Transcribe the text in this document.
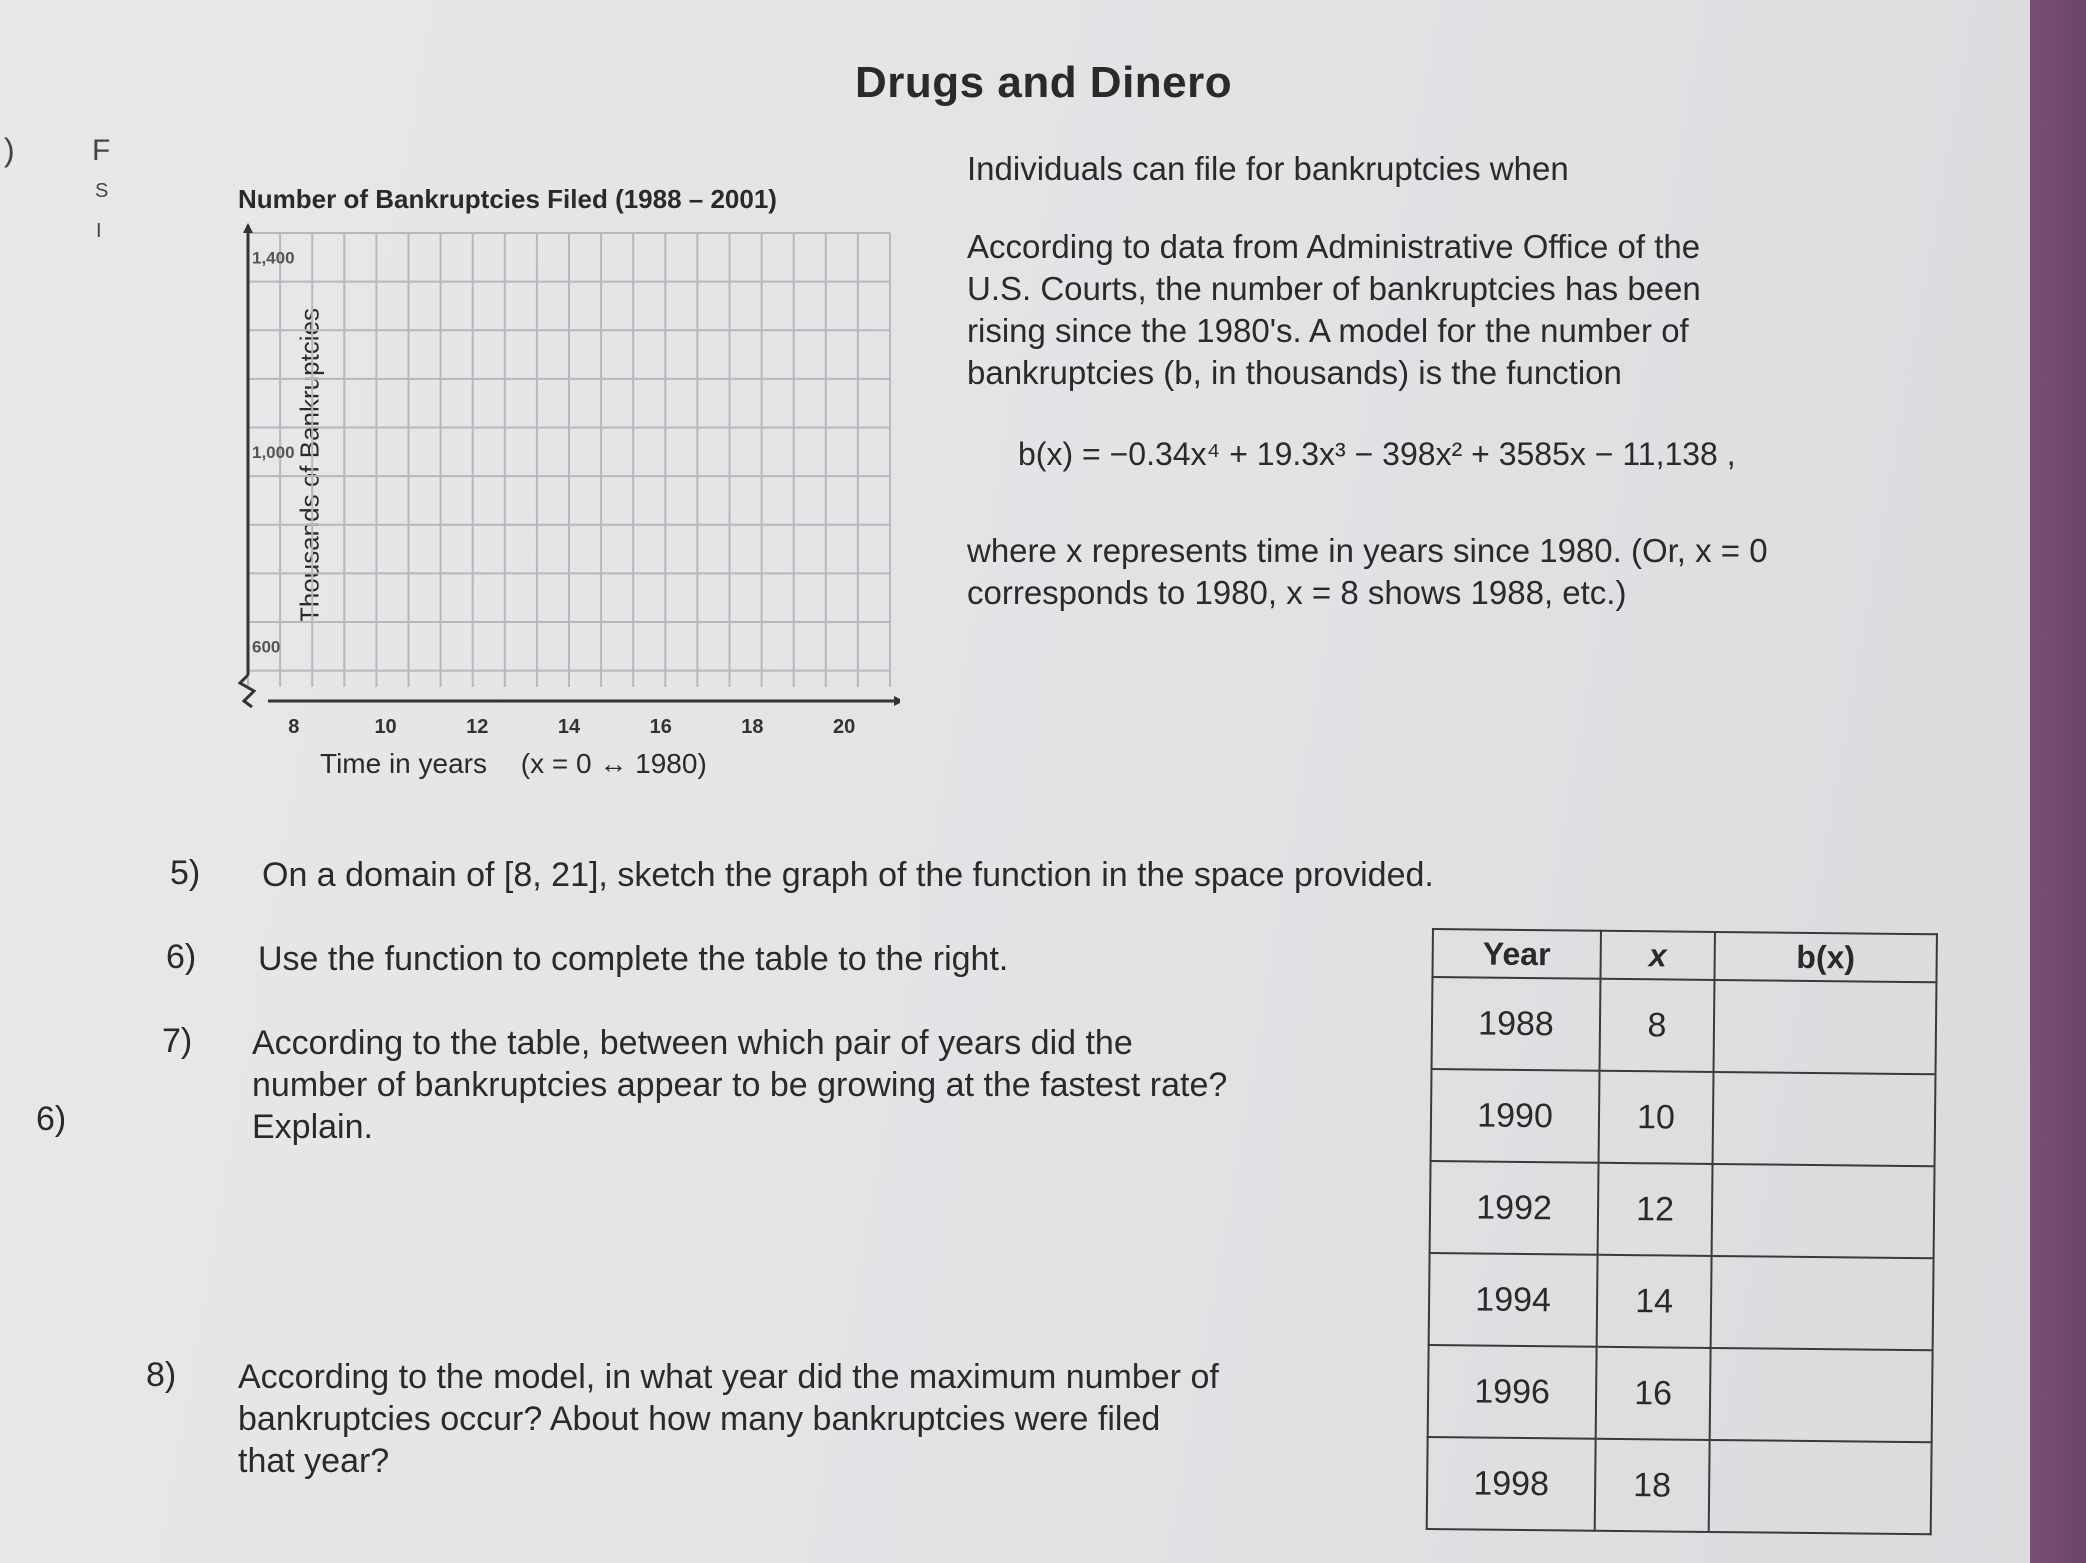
)	F
S
I
Drugs and Dinero
Number of Bankruptcies Filed (1988 – 2001)
Thousands of Bankruptcies
600
1,000
1,400
8	10	12	14	16	18	20
Time in years (x = 0 ↔ 1980)
Individuals can file for bankruptcies when
According to data from Administrative Office of the
U.S. Courts, the number of bankruptcies has been
rising since the 1980's. A model for the number of
bankruptcies (b, in thousands) is the function
b(x) = −0.34x⁴ + 19.3x³ − 398x² + 3585x − 11,138 ,
where x represents time in years since 1980. (Or, x = 0
corresponds to 1980, x = 8 shows 1988, etc.)
5) On a domain of [8, 21], sketch the graph of the function in the space provided.
6) Use the function to complete the table to the right.
7) According to the table, between which pair of years did the
number of bankruptcies appear to be growing at the fastest rate?
Explain.
6)
8) According to the model, in what year did the maximum number of
bankruptcies occur? About how many bankruptcies were filed
that year?
Year	x	b(x)
1988	8	
1990	10	
1992	12	
1994	14	
1996	16	
1998	18	
